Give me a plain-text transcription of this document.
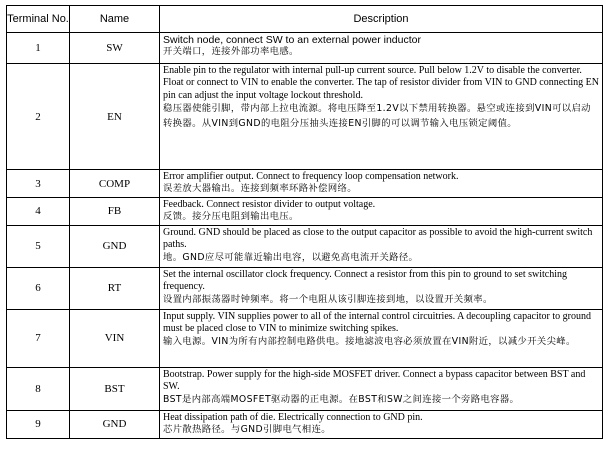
Terminal No.	Name	Description
1	SW	Switch node, connect SW to an external power inductor
开关端口，连接外部功率电感。

2	EN	Enable pin to the regulator with internal pull-up current source. Pull below 1.2V to disable the converter. Float or connect to VIN to enable the converter. The tap of resistor divider from VIN to GND connecting EN pin can adjust the input voltage lockout threshold.
稳压器使能引脚，带内部上拉电流源。将电压降至1.2V以下禁用转换器。悬空或连接到VIN可以启动转换器。从VIN到GND的电阻分压抽头连接EN引脚的可以调节输入电压锁定阈值。

3	COMP	Error amplifier output. Connect to frequency loop compensation network.
误差放大器输出。连接到频率环路补偿网络。

4	FB	Feedback. Connect resistor divider to output voltage.
反馈。接分压电阻到输出电压。

5	GND	Ground. GND should be placed as close to the output capacitor as possible to avoid the high-current switch paths.
地。GND应尽可能靠近输出电容，以避免高电流开关路径。

6	RT	Set the internal oscillator clock frequency. Connect a resistor from this pin to ground to set switching frequency.
设置内部振荡器时钟频率。将一个电阻从该引脚连接到地，以设置开关频率。

7	VIN	Input supply. VIN supplies power to all of the internal control circuitries. A decoupling capacitor to ground must be placed close to VIN to minimize switching spikes.
输入电源。VIN为所有内部控制电路供电。接地滤波电容必须放置在VIN附近，以减少开关尖峰。

8	BST	Bootstrap. Power supply for the high-side MOSFET driver. Connect a bypass capacitor between BST and SW.
BST是内部高端MOSFET驱动器的正电源。在BST和SW之间连接一个旁路电容器。

9	GND	Heat dissipation path of die. Electrically connection to GND pin.
芯片散热路径。与GND引脚电气相连。
